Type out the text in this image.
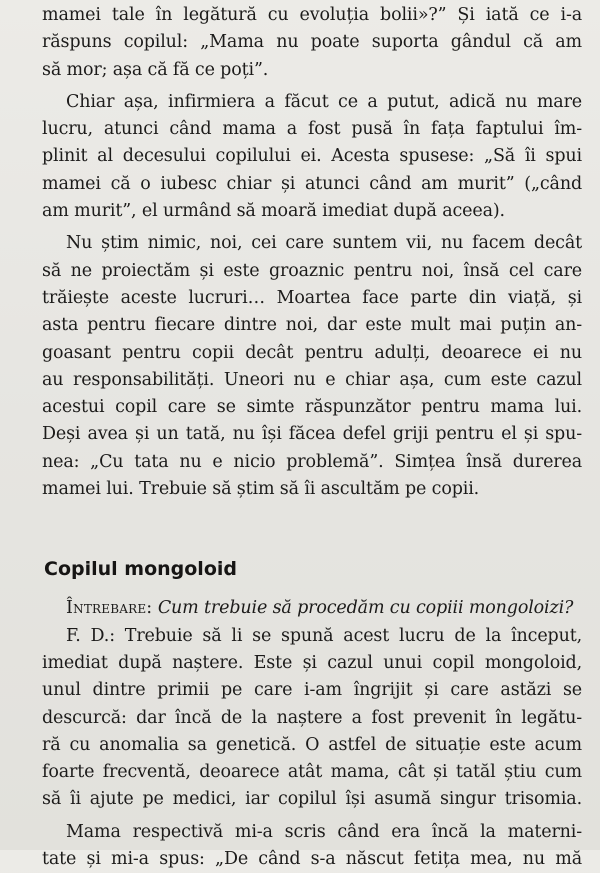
mamei tale în legătură cu evoluția bolii»?” Și iată ce i-a
răspuns copilul: „Mama nu poate suporta gândul că am
să mor; așa că fă ce poți”.
Chiar așa, infirmiera a făcut ce a putut, adică nu mare
lucru, atunci când mama a fost pusă în fața faptului îm-
plinit al decesului copilului ei. Acesta spusese: „Să îi spui
mamei că o iubesc chiar și atunci când am murit” („când
am murit”, el urmând să moară imediat după aceea).
Nu știm nimic, noi, cei care suntem vii, nu facem decât
să ne proiectăm și este groaznic pentru noi, însă cel care
trăiește aceste lucruri… Moartea face parte din viață, și
asta pentru fiecare dintre noi, dar este mult mai puțin an-
goasant pentru copii decât pentru adulți, deoarece ei nu
au responsabilități. Uneori nu e chiar așa, cum este cazul
acestui copil care se simte răspunzător pentru mama lui.
Deși avea și un tată, nu își făcea defel griji pentru el și spu-
nea: „Cu tata nu e nicio problemă”. Simțea însă durerea
mamei lui. Trebuie să știm să îi ascultăm pe copii.
Copilul mongoloid
Întrebare: Cum trebuie să procedăm cu copiii mongoloizi?
F. D.: Trebuie să li se spună acest lucru de la început,
imediat după naștere. Este și cazul unui copil mongoloid,
unul dintre primii pe care i-am îngrijit și care astăzi se
descurcă: dar încă de la naștere a fost prevenit în legătu-
ră cu anomalia sa genetică. O astfel de situație este acum
foarte frecventă, deoarece atât mama, cât și tatăl știu cum
să îi ajute pe medici, iar copilul își asumă singur trisomia.
Mama respectivă mi-a scris când era încă la materni-
tate și mi-a spus: „De când s-a născut fetița mea, nu mă
